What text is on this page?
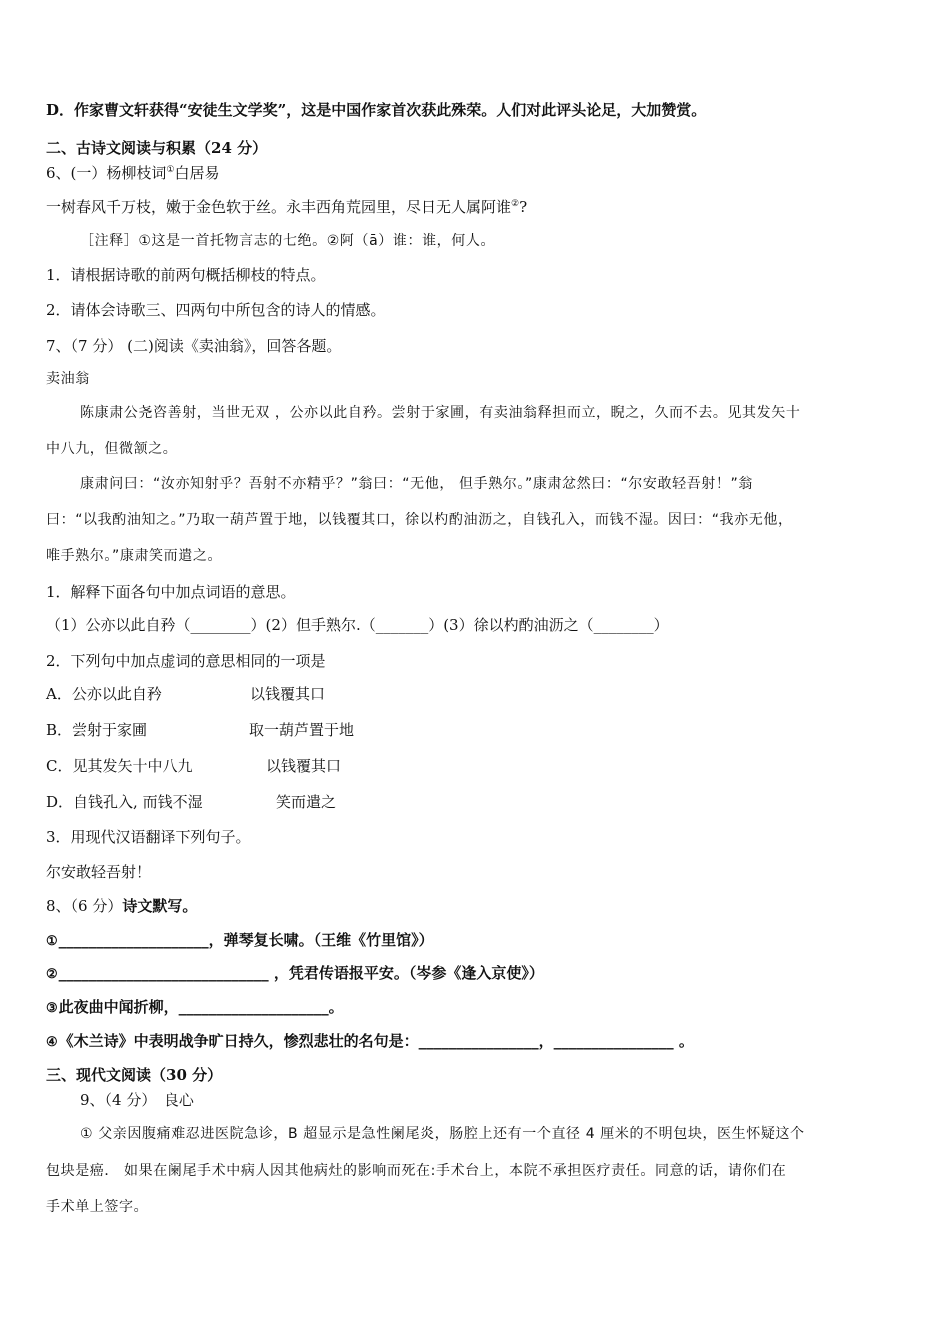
D．作家曹文轩获得“安徒生文学奖”，这是中国作家首次获此殊荣。人们对此评头论足，大加赞赏。
二、古诗文阅读与积累（24 分）
6、(一）杨柳枝词①白居易
一树春风千万枝，嫩于金色软于丝。永丰西角荒园里，尽日无人属阿谁②?
［注释］①这是一首托物言志的七绝。②阿（ā）谁：谁，何人。
1．请根据诗歌的前两句概括柳枝的特点。
2．请体会诗歌三、四两句中所包含的诗人的情感。
7、（7 分） (二)阅读《卖油翁》，回答各题。
卖油翁
陈康肃公尧咨善射，当世无双 ，公亦以此自矜。尝射于家圃，有卖油翁释担而立，睨之，久而不去。见其发矢十
中八九，但微颔之。
康肃问曰：“汝亦知射乎？吾射不亦精乎？”翁曰：“无他， 但手熟尔。”康肃忿然曰：“尔安敢轻吾射！”翁
曰：“以我酌油知之。”乃取一葫芦置于地，以钱覆其口，徐以杓酌油沥之，自钱孔入，而钱不湿。因曰：“我亦无他，
唯手熟尔。”康肃笑而遣之。
1．解释下面各句中加点词语的意思。
（1）公亦以此自矜（________）(2）但手熟尔.（_______）(3）徐以杓酌油沥之（________）
2．下列句中加点虚词的意思相同的一项是
A．公亦以此自矜	以钱覆其口
B．尝射于家圃	取一葫芦置于地
C．见其发矢十中八九	以钱覆其口
D．自钱孔入, 而钱不湿	笑而遣之
3．用现代汉语翻译下列句子。
尔安敢轻吾射！
8、（6 分）诗文默写。
①____________________，弹琴复长啸。（王维《竹里馆》）
②____________________________ ，凭君传语报平安。（岑参《逢入京使》）
③此夜曲中闻折柳，____________________。
④《木兰诗》中表明战争旷日持久，惨烈悲壮的名句是：________________，________________ 。
三、现代文阅读（30 分）
9、（4 分）　良心
① 父亲因腹痛难忍进医院急诊，B 超显示是急性阑尾炎，肠腔上还有一个直径 4 厘米的不明包块，医生怀疑这个
包块是癌． 如果在阑尾手术中病人因其他病灶的影响而死在:手术台上，本院不承担医疗责任。同意的话，请你们在
手术单上签字。
